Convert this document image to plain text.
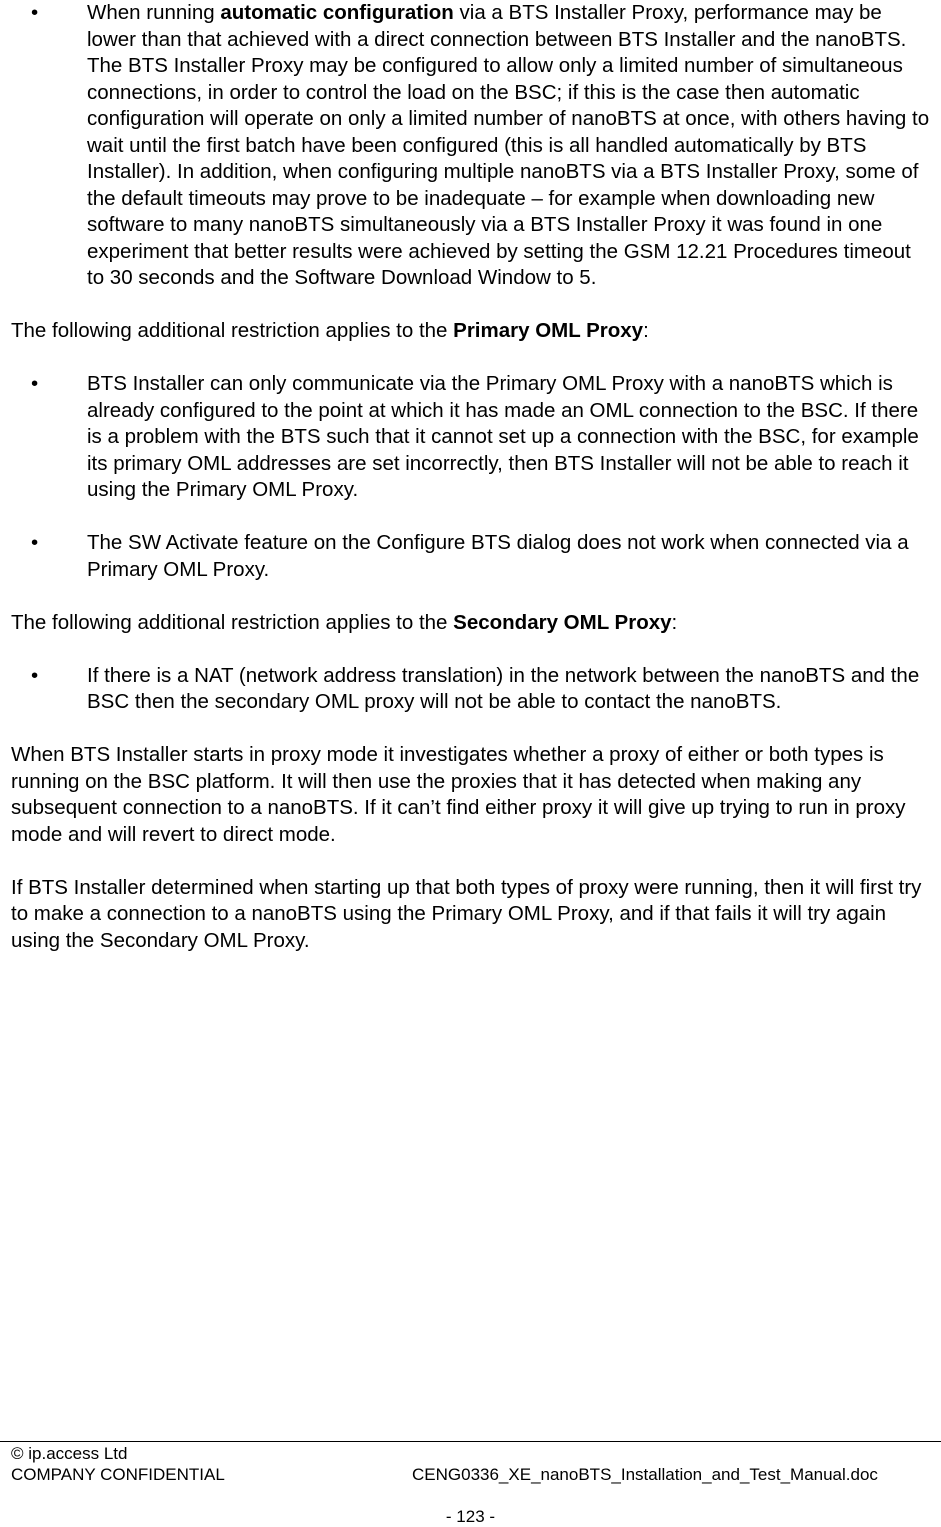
•	When running automatic configuration via a BTS Installer Proxy, performance may be lower than that achieved with a direct connection between BTS Installer and the nanoBTS. The BTS Installer Proxy may be configured to allow only a limited number of simultaneous connections, in order to control the load on the BSC; if this is the case then automatic configuration will operate on only a limited number of nanoBTS at once, with others having to wait until the first batch have been configured (this is all handled automatically by BTS Installer). In addition, when configuring multiple nanoBTS via a BTS Installer Proxy, some of the default timeouts may prove to be inadequate – for example when downloading new software to many nanoBTS simultaneously via a BTS Installer Proxy it was found in one experiment that better results were achieved by setting the GSM 12.21 Procedures timeout to 30 seconds and the Software Download Window to 5.

The following additional restriction applies to the Primary OML Proxy:

•	BTS Installer can only communicate via the Primary OML Proxy with a nanoBTS which is already configured to the point at which it has made an OML connection to the BSC. If there is a problem with the BTS such that it cannot set up a connection with the BSC, for example its primary OML addresses are set incorrectly, then BTS Installer will not be able to reach it using the Primary OML Proxy.

•	The SW Activate feature on the Configure BTS dialog does not work when connected via a Primary OML Proxy.

The following additional restriction applies to the Secondary OML Proxy:

•	If there is a NAT (network address translation) in the network between the nanoBTS and the BSC then the secondary OML proxy will not be able to contact the nanoBTS.

When BTS Installer starts in proxy mode it investigates whether a proxy of either or both types is running on the BSC platform. It will then use the proxies that it has detected when making any subsequent connection to a nanoBTS. If it can’t find either proxy it will give up trying to run in proxy mode and will revert to direct mode.

If BTS Installer determined when starting up that both types of proxy were running, then it will first try to make a connection to a nanoBTS using the Primary OML Proxy, and if that fails it will try again using the Secondary OML Proxy.

© ip.access Ltd
COMPANY CONFIDENTIAL	CENG0336_XE_nanoBTS_Installation_and_Test_Manual.doc
- 123 -
